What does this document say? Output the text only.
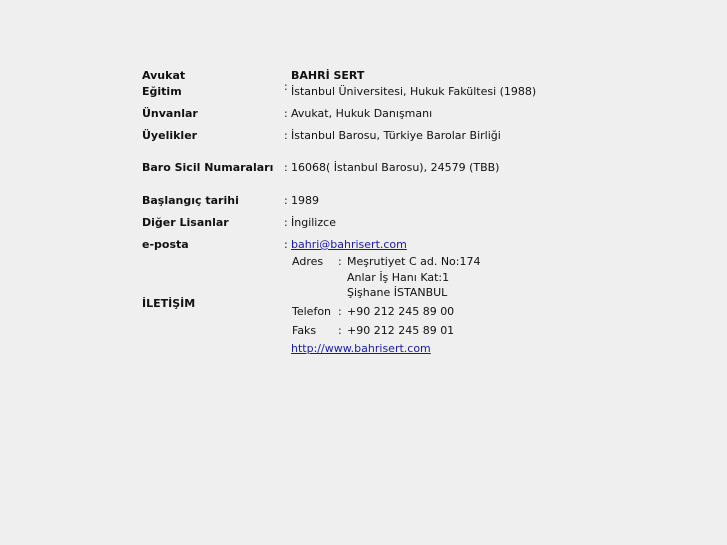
Avukat	BAHRİ SERT
Eğitim	: İstanbul Üniversitesi, Hukuk Fakültesi (1988)
Ünvanlar	: Avukat, Hukuk Danışmanı
Üyelikler	: İstanbul Barosu, Türkiye Barolar Birliği
Baro Sicil Numaraları : 16068( İstanbul Barosu), 24579 (TBB)
Başlangıç tarihi	: 1989
Diğer Lisanlar	: İngilizce
e-posta	: bahri@bahrisert.com
İLETİŞİM
Adres : Meşrutiyet C ad. No:174
Anlar İş Hanı Kat:1
Şişhane İSTANBUL
Telefon : +90 212 245 89 00
Faks : +90 212 245 89 01
http://www.bahrisert.com
